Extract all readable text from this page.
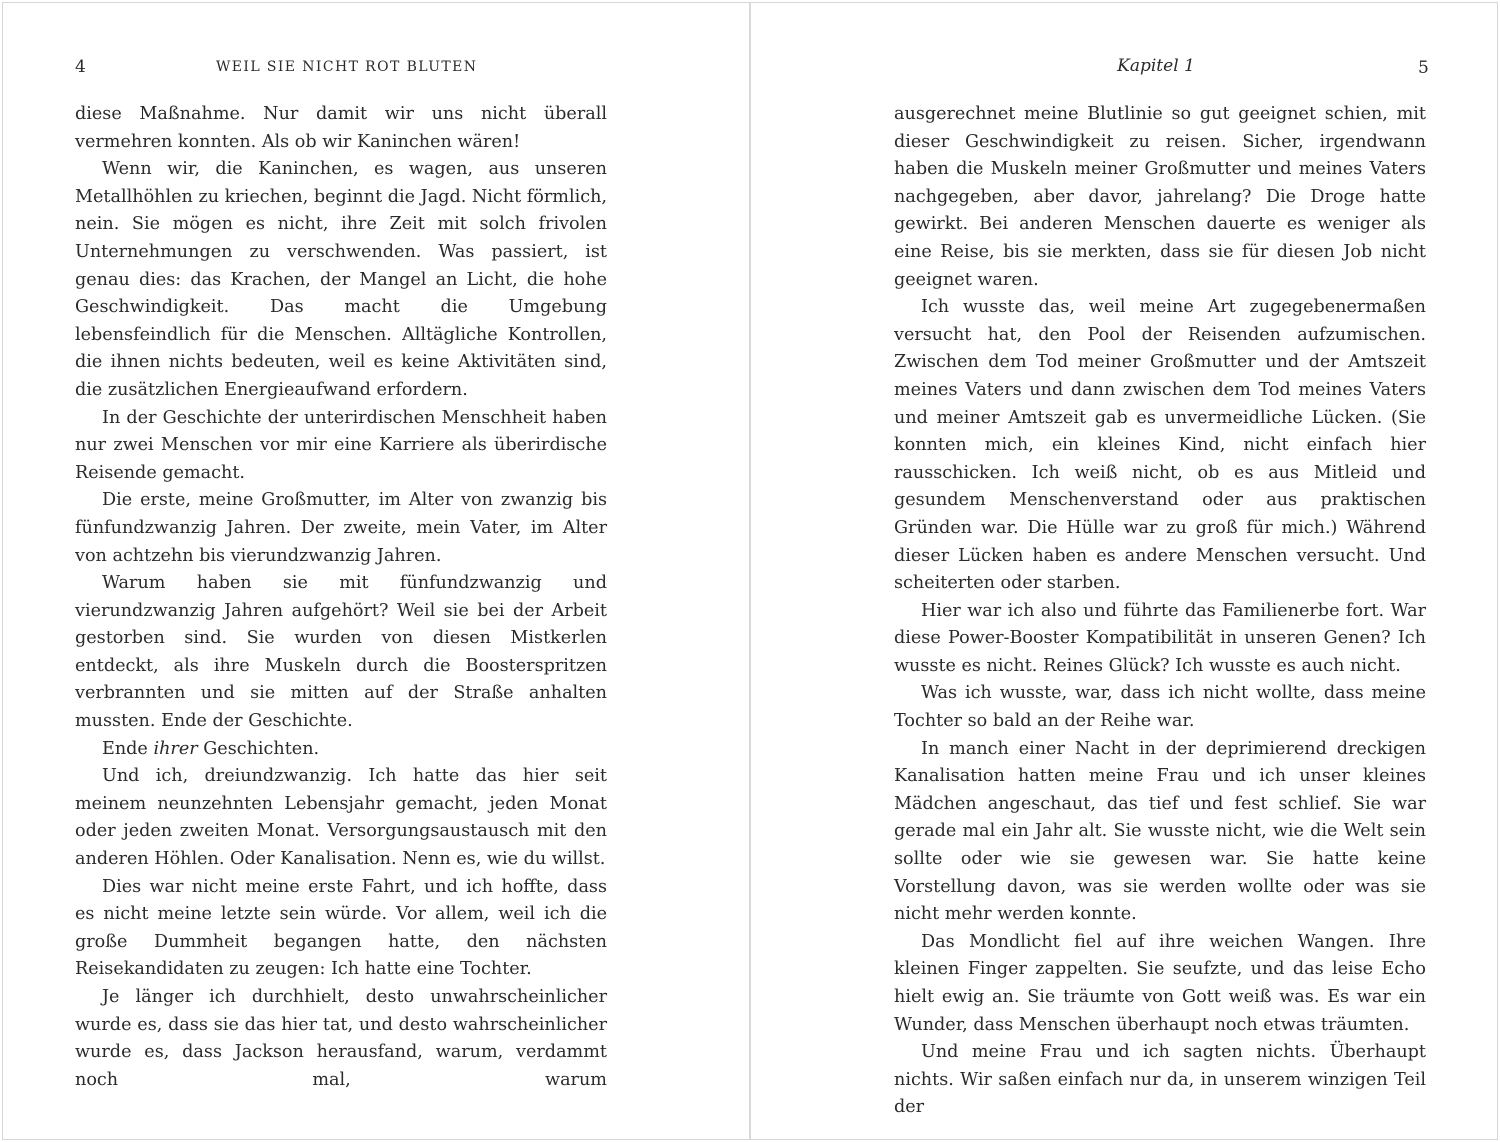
4	WEIL SIE NICHT ROT BLUTEN

diese Maßnahme. Nur damit wir uns nicht überall vermehren konnten. Als ob wir Kaninchen wären!

Wenn wir, die Kaninchen, es wagen, aus unseren Metallhöhlen zu kriechen, beginnt die Jagd. Nicht förmlich, nein. Sie mögen es nicht, ihre Zeit mit solch frivolen Unternehmungen zu verschwenden. Was passiert, ist genau dies: das Krachen, der Mangel an Licht, die hohe Geschwindigkeit. Das macht die Umgebung lebensfeindlich für die Menschen. Alltägliche Kontrollen, die ihnen nichts bedeuten, weil es keine Aktivitäten sind, die zusätzlichen Energieaufwand erfordern.

In der Geschichte der unterirdischen Menschheit haben nur zwei Menschen vor mir eine Karriere als überirdische Reisende gemacht.

Die erste, meine Großmutter, im Alter von zwanzig bis fünfundzwanzig Jahren. Der zweite, mein Vater, im Alter von achtzehn bis vierundzwanzig Jahren.

Warum haben sie mit fünfundzwanzig und vierundzwanzig Jahren aufgehört? Weil sie bei der Arbeit gestorben sind. Sie wurden von diesen Mistkerlen entdeckt, als ihre Muskeln durch die Boosterspritzen verbrannten und sie mitten auf der Straße anhalten mussten. Ende der Geschichte.

Ende ihrer Geschichten.

Und ich, dreiundzwanzig. Ich hatte das hier seit meinem neunzehnten Lebensjahr gemacht, jeden Monat oder jeden zweiten Monat. Versorgungsaustausch mit den anderen Höhlen. Oder Kanalisation. Nenn es, wie du willst.

Dies war nicht meine erste Fahrt, und ich hoffte, dass es nicht meine letzte sein würde. Vor allem, weil ich die große Dummheit begangen hatte, den nächsten Reisekandidaten zu zeugen: Ich hatte eine Tochter.

Je länger ich durchhielt, desto unwahrscheinlicher wurde es, dass sie das hier tat, und desto wahrscheinlicher wurde es, dass Jackson herausfand, warum, verdammt noch mal, warum

Kapitel 1	5

ausgerechnet meine Blutlinie so gut geeignet schien, mit dieser Geschwindigkeit zu reisen. Sicher, irgendwann haben die Muskeln meiner Großmutter und meines Vaters nachgegeben, aber davor, jahrelang? Die Droge hatte gewirkt. Bei anderen Menschen dauerte es weniger als eine Reise, bis sie merkten, dass sie für diesen Job nicht geeignet waren.

Ich wusste das, weil meine Art zugegebenermaßen versucht hat, den Pool der Reisenden aufzumischen. Zwischen dem Tod meiner Großmutter und der Amtszeit meines Vaters und dann zwischen dem Tod meines Vaters und meiner Amtszeit gab es unvermeidliche Lücken. (Sie konnten mich, ein kleines Kind, nicht einfach hier rausschicken. Ich weiß nicht, ob es aus Mitleid und gesundem Menschenverstand oder aus praktischen Gründen war. Die Hülle war zu groß für mich.) Während dieser Lücken haben es andere Menschen versucht. Und scheiterten oder starben.

Hier war ich also und führte das Familienerbe fort. War diese Power-Booster Kompatibilität in unseren Genen? Ich wusste es nicht. Reines Glück? Ich wusste es auch nicht.

Was ich wusste, war, dass ich nicht wollte, dass meine Tochter so bald an der Reihe war.

In manch einer Nacht in der deprimierend dreckigen Kanalisation hatten meine Frau und ich unser kleines Mädchen angeschaut, das tief und fest schlief. Sie war gerade mal ein Jahr alt. Sie wusste nicht, wie die Welt sein sollte oder wie sie gewesen war. Sie hatte keine Vorstellung davon, was sie werden wollte oder was sie nicht mehr werden konnte.

Das Mondlicht fiel auf ihre weichen Wangen. Ihre kleinen Finger zappelten. Sie seufzte, und das leise Echo hielt ewig an. Sie träumte von Gott weiß was. Es war ein Wunder, dass Menschen überhaupt noch etwas träumten.

Und meine Frau und ich sagten nichts. Überhaupt nichts. Wir saßen einfach nur da, in unserem winzigen Teil der
